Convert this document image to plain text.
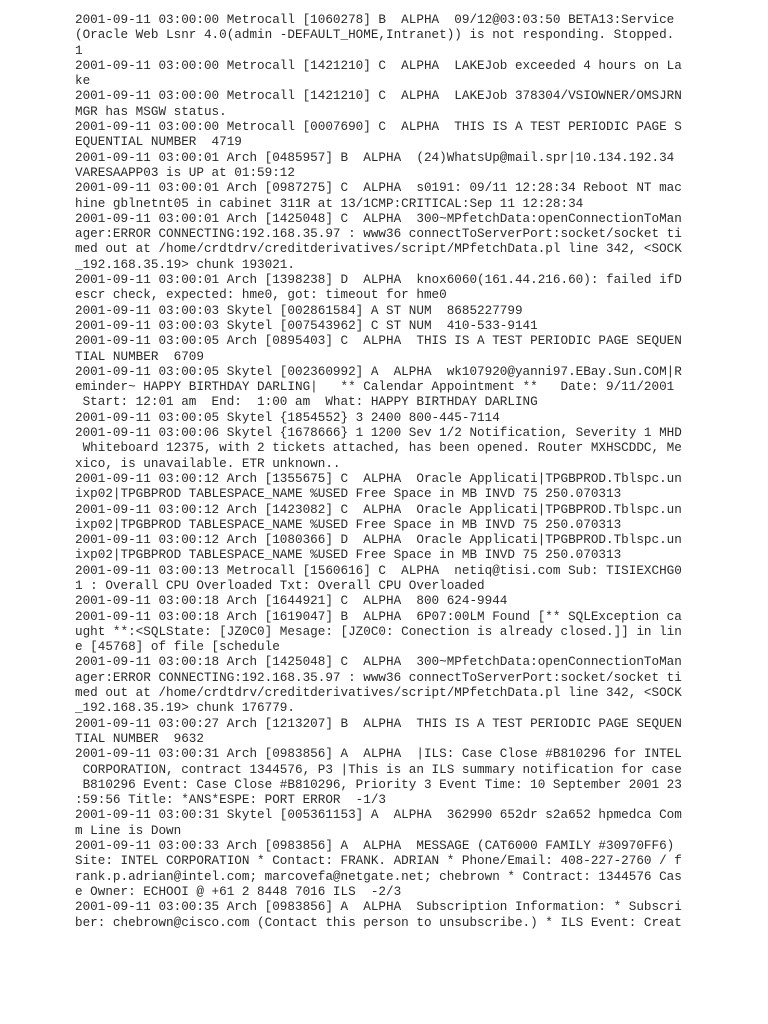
2001-09-11 03:00:00 Metrocall [1060278] B  ALPHA  09/12@03:03:50 BETA13:Service
(Oracle Web Lsnr 4.0(admin -DEFAULT_HOME,Intranet)) is not responding. Stopped.
1
2001-09-11 03:00:00 Metrocall [1421210] C  ALPHA  LAKEJob exceeded 4 hours on La
ke
2001-09-11 03:00:00 Metrocall [1421210] C  ALPHA  LAKEJob 378304/VSIOWNER/OMSJRN
MGR has MSGW status.
2001-09-11 03:00:00 Metrocall [0007690] C  ALPHA  THIS IS A TEST PERIODIC PAGE S
EQUENTIAL NUMBER  4719
2001-09-11 03:00:01 Arch [0485957] B  ALPHA  (24)WhatsUp@mail.spr|10.134.192.34
VARESAAPP03 is UP at 01:59:12
2001-09-11 03:00:01 Arch [0987275] C  ALPHA  s0191: 09/11 12:28:34 Reboot NT mac
hine gblnetnt05 in cabinet 311R at 13/1CMP:CRITICAL:Sep 11 12:28:34
2001-09-11 03:00:01 Arch [1425048] C  ALPHA  300~MPfetchData:openConnectionToMan
ager:ERROR CONNECTING:192.168.35.97 : www36 connectToServerPort:socket/socket ti
med out at /home/crdtdrv/creditderivatives/script/MPfetchData.pl line 342, <SOCK
_192.168.35.19> chunk 193021.
2001-09-11 03:00:01 Arch [1398238] D  ALPHA  knox6060(161.44.216.60): failed ifD
escr check, expected: hme0, got: timeout for hme0
2001-09-11 03:00:03 Skytel [002861584] A ST NUM  8685227799
2001-09-11 03:00:03 Skytel [007543962] C ST NUM  410-533-9141
2001-09-11 03:00:05 Arch [0895403] C  ALPHA  THIS IS A TEST PERIODIC PAGE SEQUEN
TIAL NUMBER  6709
2001-09-11 03:00:05 Skytel [002360992] A  ALPHA  wk107920@yanni97.EBay.Sun.COM|R
eminder~ HAPPY BIRTHDAY DARLING|   ** Calendar Appointment **   Date: 9/11/2001
Start: 12:01 am  End:  1:00 am  What: HAPPY BIRTHDAY DARLING
2001-09-11 03:00:05 Skytel {1854552} 3 2400 800-445-7114
2001-09-11 03:00:06 Skytel {1678666} 1 1200 Sev 1/2 Notification, Severity 1 MHD
Whiteboard 12375, with 2 tickets attached, has been opened. Router MXHSCDDC, Me
xico, is unavailable. ETR unknown..
2001-09-11 03:00:12 Arch [1355675] C  ALPHA  Oracle Applicati|TPGBPROD.Tblspc.un
ixp02|TPGBPROD TABLESPACE_NAME %USED Free Space in MB INVD 75 250.070313
2001-09-11 03:00:12 Arch [1423082] C  ALPHA  Oracle Applicati|TPGBPROD.Tblspc.un
ixp02|TPGBPROD TABLESPACE_NAME %USED Free Space in MB INVD 75 250.070313
2001-09-11 03:00:12 Arch [1080366] D  ALPHA  Oracle Applicati|TPGBPROD.Tblspc.un
ixp02|TPGBPROD TABLESPACE_NAME %USED Free Space in MB INVD 75 250.070313
2001-09-11 03:00:13 Metrocall [1560616] C  ALPHA  netiq@tisi.com Sub: TISIEXCHG0
1 : Overall CPU Overloaded Txt: Overall CPU Overloaded
2001-09-11 03:00:18 Arch [1644921] C  ALPHA  800 624-9944
2001-09-11 03:00:18 Arch [1619047] B  ALPHA  6P07:00LM Found [** SQLException ca
ught **:<SQLState: [JZ0C0] Mesage: [JZ0C0: Conection is already closed.]] in lin
e [45768] of file [schedule
2001-09-11 03:00:18 Arch [1425048] C  ALPHA  300~MPfetchData:openConnectionToMan
ager:ERROR CONNECTING:192.168.35.97 : www36 connectToServerPort:socket/socket ti
med out at /home/crdtdrv/creditderivatives/script/MPfetchData.pl line 342, <SOCK
_192.168.35.19> chunk 176779.
2001-09-11 03:00:27 Arch [1213207] B  ALPHA  THIS IS A TEST PERIODIC PAGE SEQUEN
TIAL NUMBER  9632
2001-09-11 03:00:31 Arch [0983856] A  ALPHA  |ILS: Case Close #B810296 for INTEL
CORPORATION, contract 1344576, P3 |This is an ILS summary notification for case
B810296 Event: Case Close #B810296, Priority 3 Event Time: 10 September 2001 23
:59:56 Title: *ANS*ESPE: PORT ERROR  -1/3
2001-09-11 03:00:31 Skytel [005361153] A  ALPHA  362990 652dr s2a652 hpmedca Com
m Line is Down
2001-09-11 03:00:33 Arch [0983856] A  ALPHA  MESSAGE (CAT6000 FAMILY #30970FF6)
Site: INTEL CORPORATION * Contact: FRANK. ADRIAN * Phone/Email: 408-227-2760 / f
rank.p.adrian@intel.com; marcovefa@netgate.net; chebrown * Contract: 1344576 Cas
e Owner: ECHOOI @ +61 2 8448 7016 ILS  -2/3
2001-09-11 03:00:35 Arch [0983856] A  ALPHA  Subscription Information: * Subscri
ber: chebrown@cisco.com (Contact this person to unsubscribe.) * ILS Event: Creat
